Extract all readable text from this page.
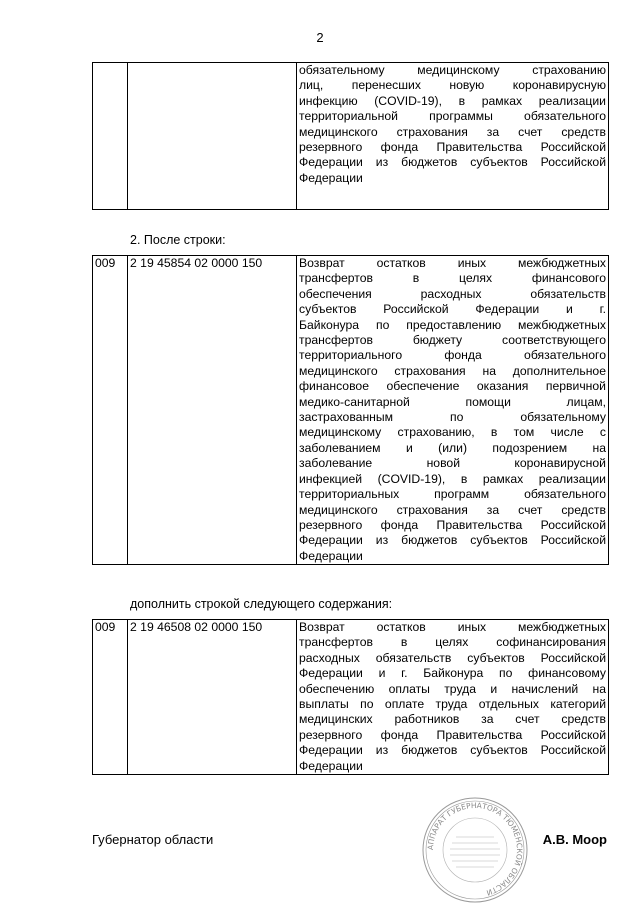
2

обязательному медицинскому страхованию
лиц, перенесших новую коронавирусную
инфекцию (COVID-19), в рамках реализации
территориальной программы обязательного
медицинского страхования за счет средств
резервного фонда Правительства Российской
Федерации из бюджетов субъектов Российской
Федерации
2. После строки:
009	2 19 45854 02 0000 150	Возврат остатков иных межбюджетных
трансфертов в целях финансового
обеспечения расходных обязательств
субъектов Российской Федерации и г.
Байконура по предоставлению межбюджетных
трансфертов бюджету соответствующего
территориального фонда обязательного
медицинского страхования на дополнительное
финансовое обеспечение оказания первичной
медико-санитарной помощи лицам,
застрахованным по обязательному
медицинскому страхованию, в том числе с
заболеванием и (или) подозрением на
заболевание новой коронавирусной
инфекцией (COVID-19), в рамках реализации
территориальных программ обязательного
медицинского страхования за счет средств
резервного фонда Правительства Российской
Федерации из бюджетов субъектов Российской
Федерации
дополнить строкой следующего содержания:
009	2 19 46508 02 0000 150	Возврат остатков иных межбюджетных
трансфертов в целях софинансирования
расходных обязательств субъектов Российской
Федерации и г. Байконура по финансовому
обеспечению оплаты труда и начислений на
выплаты по оплате труда отдельных категорий
медицинских работников за счет средств
резервного фонда Правительства Российской
Федерации из бюджетов субъектов Российской
Федерации
Губернатор области
АППАРАТ ГУБЕРНАТОРА ТЮМЕНСКОЙ ОБЛАСТИ
А.В. Моор
